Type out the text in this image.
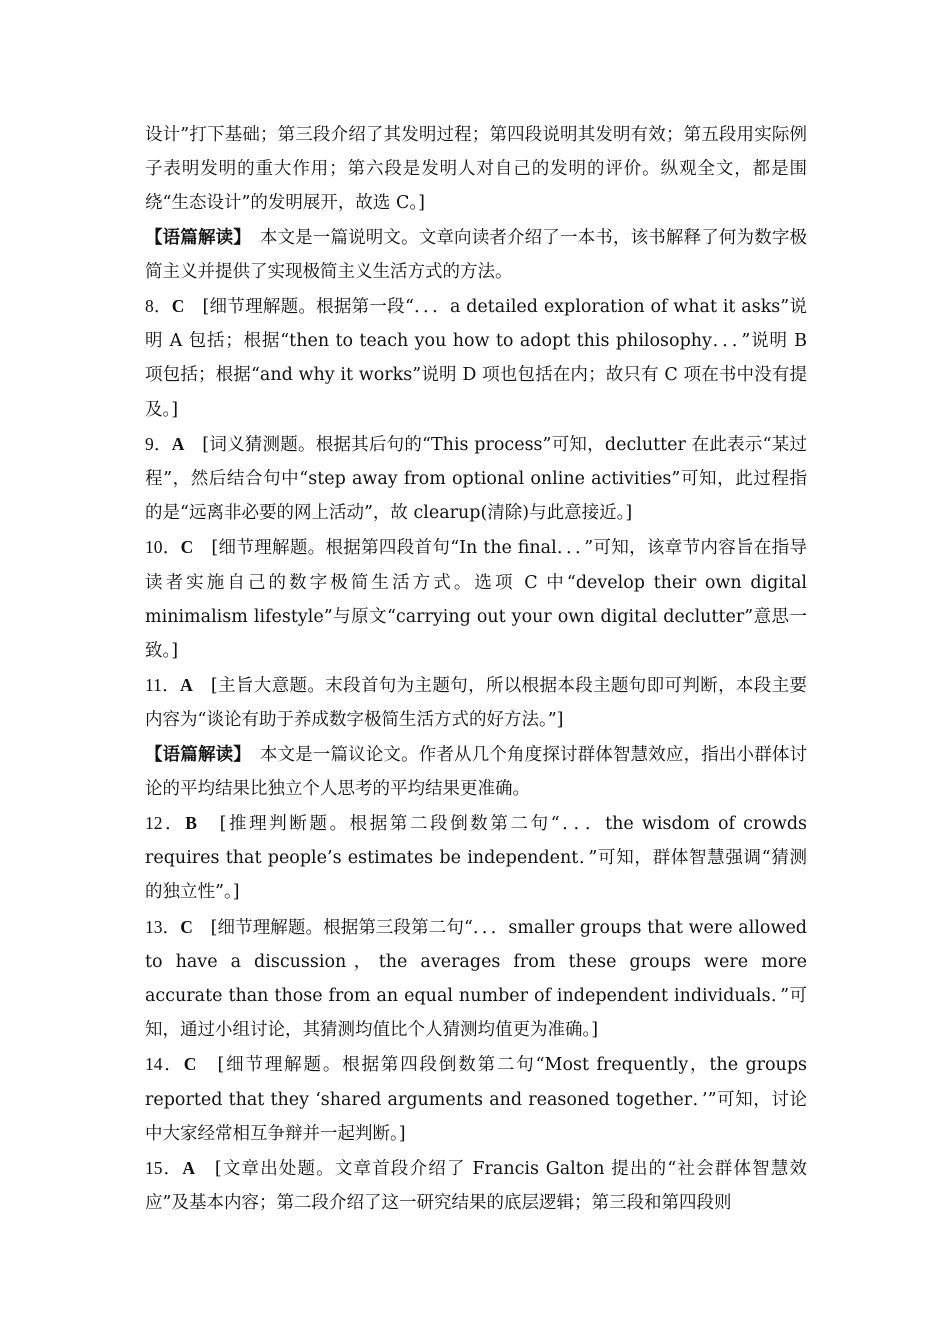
设计”打下基础；第三段介绍了其发明过程；第四段说明其发明有效；第五段用实际例子表明发明的重大作用；第六段是发明人对自己的发明的评价。纵观全文，都是围绕“生态设计”的发明展开，故选 C。]

【语篇解读】　本文是一篇说明文。文章向读者介绍了一本书，该书解释了何为数字极简主义并提供了实现极简主义生活方式的方法。

8．C　[细节理解题。根据第一段“．．．a detailed exploration of what it asks”说明 A 包括；根据“then to teach you how to adopt this philosophy．．．”说明 B 项包括；根据“and why it works”说明 D 项也包括在内；故只有 C 项在书中没有提及。]

9．A　[词义猜测题。根据其后句的“This process”可知，declutter 在此表示“某过程”，然后结合句中“step away from optional online activities”可知，此过程指的是“远离非必要的网上活动”，故 clearup(清除)与此意接近。]

10．C　[细节理解题。根据第四段首句“In the final．．．”可知，该章节内容旨在指导读者实施自己的数字极简生活方式。选项 C 中“develop their own digital minimalism lifestyle”与原文“carrying out your own digital declutter”意思一致。]

11．A　[主旨大意题。末段首句为主题句，所以根据本段主题句即可判断，本段主要内容为“谈论有助于养成数字极简生活方式的好方法。”]

【语篇解读】　本文是一篇议论文。作者从几个角度探讨群体智慧效应，指出小群体讨论的平均结果比独立个人思考的平均结果更准确。

12．B　[推理判断题。根据第二段倒数第二句“．．．the wisdom of crowds requires that people’s estimates be independent．”可知，群体智慧强调“猜测的独立性”。]

13．C　[细节理解题。根据第三段第二句“．．．smaller groups that were allowed to have a discussion，the averages from these groups were more accurate than those from an equal number of independent individuals．”可知，通过小组讨论，其猜测均值比个人猜测均值更为准确。]

14．C　[细节理解题。根据第四段倒数第二句“Most frequently，the groups reported that they ‘shared arguments and reasoned together．’”可知，讨论中大家经常相互争辩并一起判断。]

15．A　[文章出处题。文章首段介绍了 Francis Galton 提出的“社会群体智慧效应”及基本内容；第二段介绍了这一研究结果的底层逻辑；第三段和第四段则
